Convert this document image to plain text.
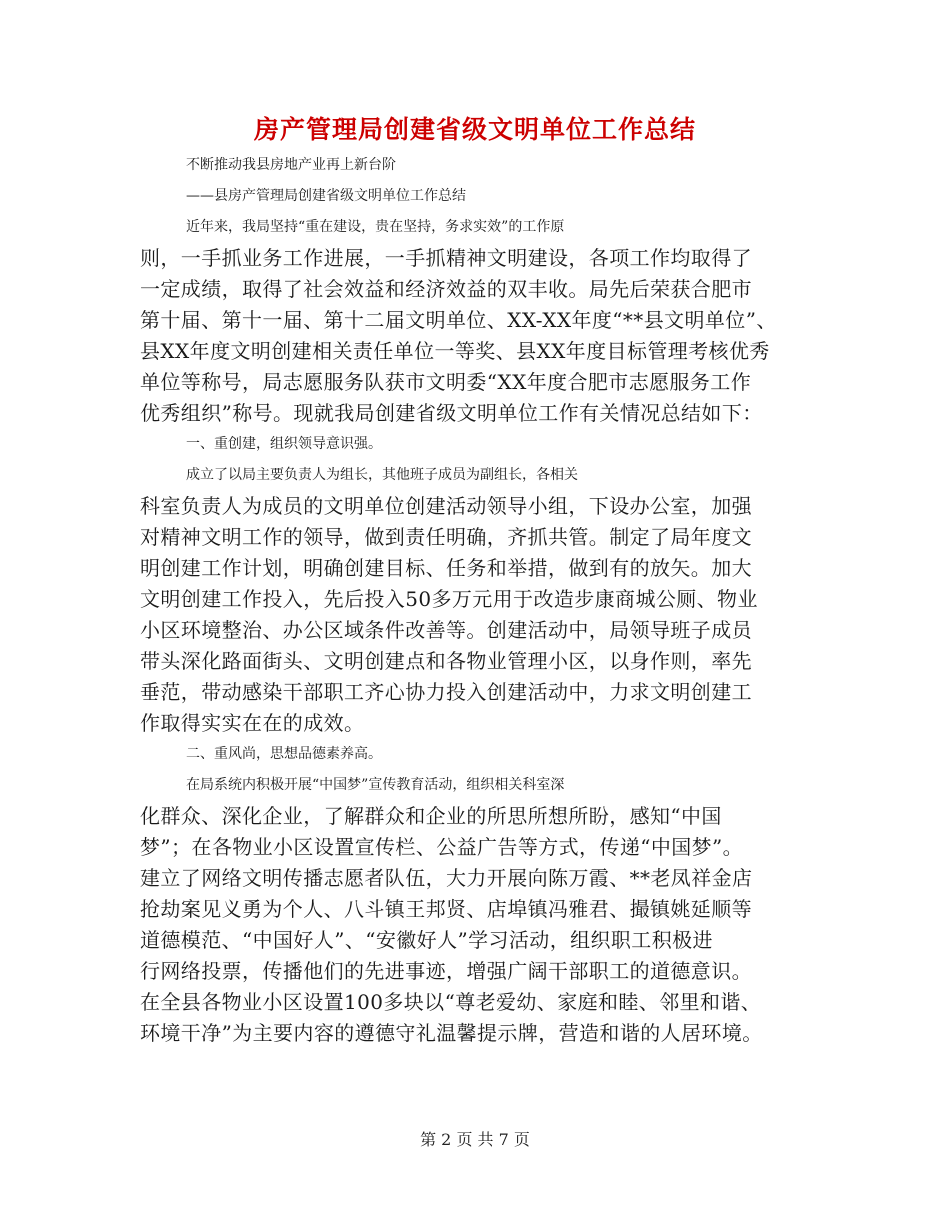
房产管理局创建省级文明单位工作总结
不断推动我县房地产业再上新台阶
——县房产管理局创建省级文明单位工作总结
近年来，我局坚持“重在建设，贵在坚持，务求实效”的工作原
则，一手抓业务工作进展，一手抓精神文明建设，各项工作均取得了
一定成绩，取得了社会效益和经济效益的双丰收。局先后荣获合肥市
第十届、第十一届、第十二届文明单位、XX-XX年度“**县文明单位”、
县XX年度文明创建相关责任单位一等奖、县XX年度目标管理考核优秀
单位等称号，局志愿服务队获市文明委“XX年度合肥市志愿服务工作
优秀组织”称号。现就我局创建省级文明单位工作有关情况总结如下：
一、重创建，组织领导意识强。
成立了以局主要负责人为组长，其他班子成员为副组长，各相关
科室负责人为成员的文明单位创建活动领导小组，下设办公室，加强
对精神文明工作的领导，做到责任明确，齐抓共管。制定了局年度文
明创建工作计划，明确创建目标、任务和举措，做到有的放矢。加大
文明创建工作投入，先后投入50多万元用于改造步康商城公厕、物业
小区环境整治、办公区域条件改善等。创建活动中，局领导班子成员
带头深化路面街头、文明创建点和各物业管理小区，以身作则，率先
垂范，带动感染干部职工齐心协力投入创建活动中，力求文明创建工
作取得实实在在的成效。
二、重风尚，思想品德素养高。
在局系统内积极开展“中国梦”宣传教育活动，组织相关科室深
化群众、深化企业，了解群众和企业的所思所想所盼，感知“中国
梦”；在各物业小区设置宣传栏、公益广告等方式，传递“中国梦”。
建立了网络文明传播志愿者队伍，大力开展向陈万霞、**老凤祥金店
抢劫案见义勇为个人、八斗镇王邦贤、店埠镇冯雅君、撮镇姚延顺等
道德模范、“中国好人”、“安徽好人”学习活动，组织职工积极进
行网络投票，传播他们的先进事迹，增强广阔干部职工的道德意识。
在全县各物业小区设置100多块以“尊老爱幼、家庭和睦、邻里和谐、
环境干净”为主要内容的遵德守礼温馨提示牌，营造和谐的人居环境。
第 2 页 共 7 页
